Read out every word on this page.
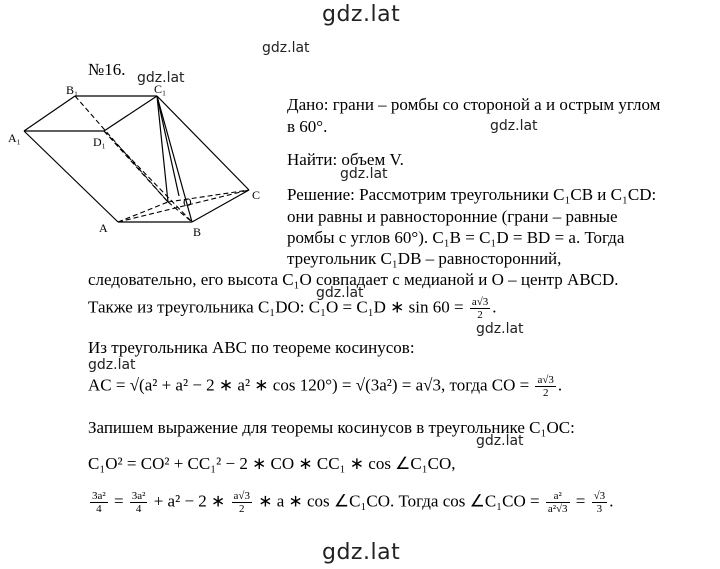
gdz.lat
gdz.lat
gdz.lat
gdz.lat
gdz.lat
gdz.lat
gdz.lat
gdz.lat
gdz.lat
gdz.lat
№16.
B₁	C₁
A₁	D₁
A	B
C
O
Дано: грани – ромбы со стороной a и острым углом
в 60°.
Найти: объем V.
Решение: Рассмотрим треугольники C₁CB и C₁CD:
они равны и равносторонние (грани – равные
ромбы с углов 60°). C₁B = C₁D = BD = a. Тогда
треугольник C₁DB – равносторонний,
следовательно, его высота C₁O совпадает с медианой и O – центр ABCD.
Также из треугольника C₁DO: C₁O = C₁D ∗ $\sin 60 = \frac{a√3}{2}$ .
Из треугольника ABC по теореме косинусов:
AC = √(a² + a² − 2 ∗ a² ∗ cos 120°) = √(3a²) = a√3, тогда CO = $\frac{a√3}{2}$ .
Запишем выражение для теоремы косинусов в треугольнике C₁OC:
C₁O² = CO² + CC₁² − 2 ∗ CO ∗ CC₁ ∗ cos ∠C₁CO,
$\frac{\text{3a²}}{4} = \frac{\text{3a²}}{4} + a^2 - 2$ ∗ $\frac{a√3}{2}$ ∗ a ∗ cos ∠C₁CO. Тогда cos ∠C₁CO = $\frac{\text{a²}}{\text{a²√3}} = \frac{√3}{3}$ .
